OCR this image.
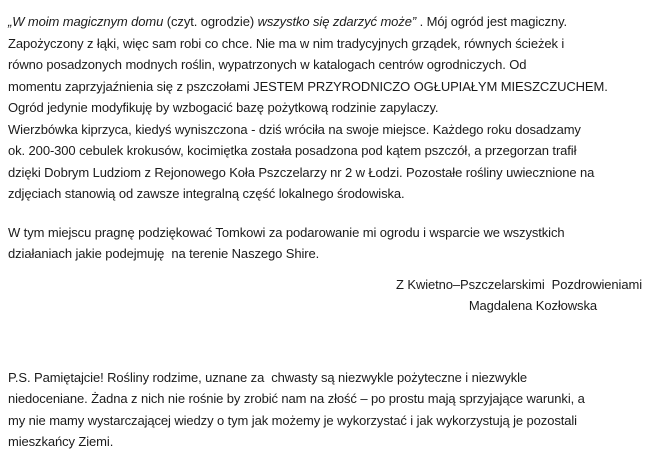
„W moim magicznym domu (czyt. ogrodzie) wszystko się zdarzyć może” . Mój ogród jest magiczny.
Zapożyczony z łąki, więc sam robi co chce. Nie ma w nim tradycyjnych grządek, równych ścieżek i
równo posadzonych modnych roślin, wypatrzonych w katalogach centrów ogrodniczych. Od
momentu zaprzyjaźnienia się z pszczołami JESTEM PRZYRODNICZO OGŁUPIAŁYM MIESZCZUCHEM.
Ogród jedynie modyfikuję by wzbogacić bazę pożytkową rodzinie zapylaczy.
Wierzbówka kiprzyca, kiedyś wyniszczona - dziś wróciła na swoje miejsce. Każdego roku dosadzamy
ok. 200-300 cebulek krokusów, kocimiętka została posadzona pod kątem pszczół, a przegorzan trafił
dzięki Dobrym Ludziom z Rejonowego Koła Pszczelarzy nr 2 w Łodzi. Pozostałe rośliny uwiecznione na
zdjęciach stanowią od zawsze integralną część lokalnego środowiska.
W tym miejscu pragnę podziękować Tomkowi za podarowanie mi ogrodu i wsparcie we wszystkich
działaniach jakie podejmuję  na terenie Naszego Shire.
Z Kwietno–Pszczelarskimi  Pozdrowieniami
Magdalena Kozłowska
P.S. Pamiętajcie! Rośliny rodzime, uznane za  chwasty są niezwykle pożyteczne i niezwykle
niedoceniane. Żadna z nich nie rośnie by zrobić nam na złość – po prostu mają sprzyjające warunki, a
my nie mamy wystarczającej wiedzy o tym jak możemy je wykorzystać i jak wykorzystują je pozostali
mieszkańcy Ziemi.
